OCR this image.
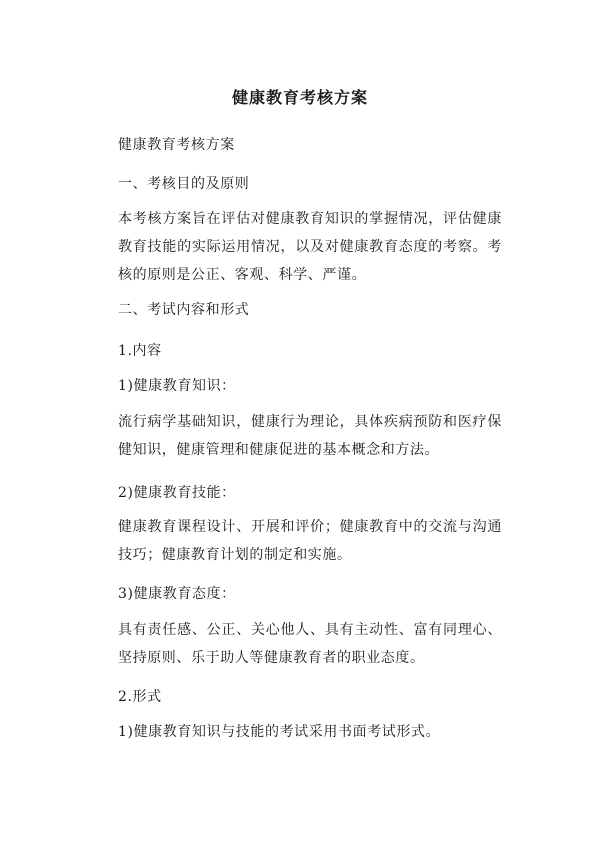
健康教育考核方案

健康教育考核方案

一、考核目的及原则

本考核方案旨在评估对健康教育知识的掌握情况，评估健康教育技能的实际运用情况，以及对健康教育态度的考察。考核的原则是公正、客观、科学、严谨。

二、考试内容和形式

1.内容

1)健康教育知识：

流行病学基础知识，健康行为理论，具体疾病预防和医疗保健知识，健康管理和健康促进的基本概念和方法。

2)健康教育技能：

健康教育课程设计、开展和评价；健康教育中的交流与沟通技巧；健康教育计划的制定和实施。

3)健康教育态度：

具有责任感、公正、关心他人、具有主动性、富有同理心、坚持原则、乐于助人等健康教育者的职业态度。

2.形式

1)健康教育知识与技能的考试采用书面考试形式。
